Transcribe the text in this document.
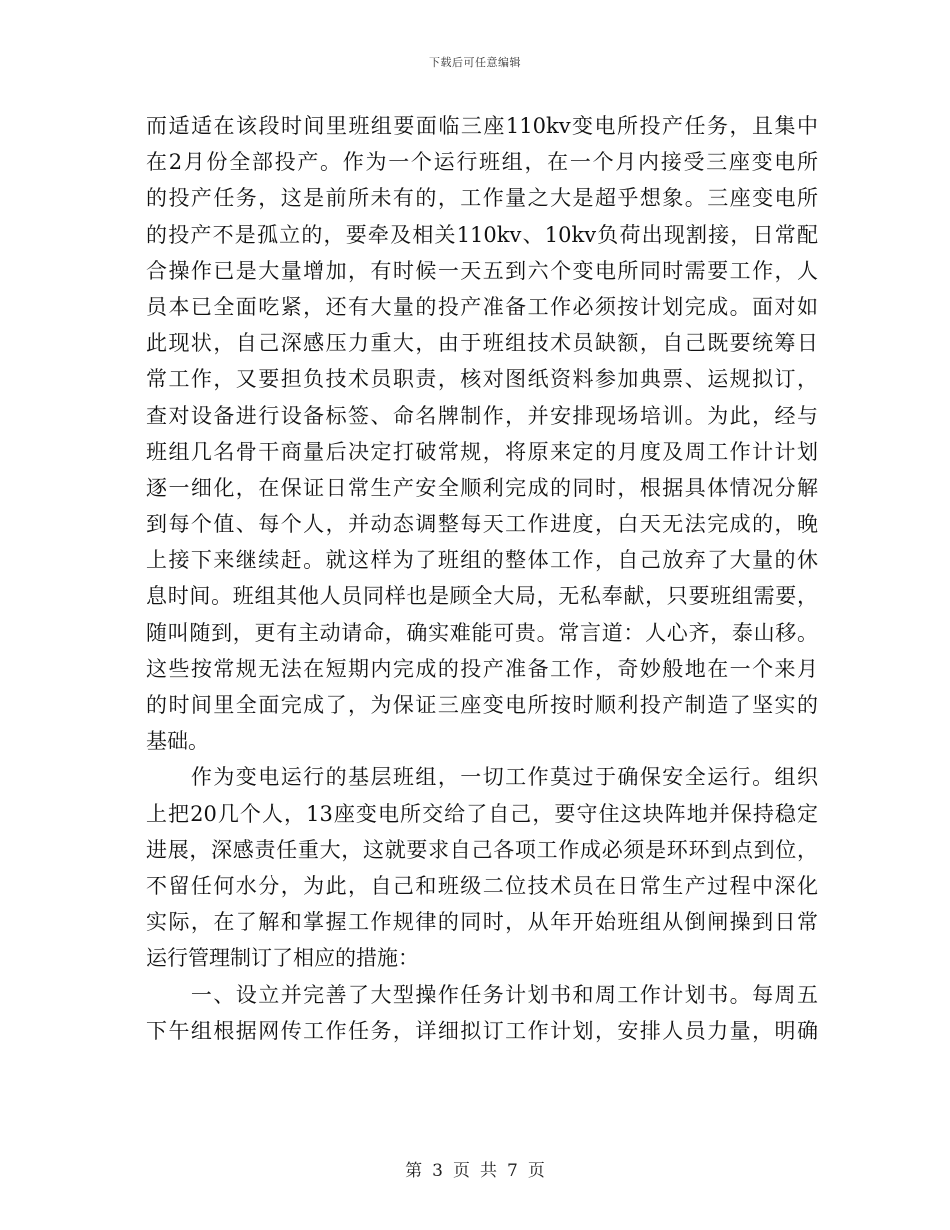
下载后可任意编辑
而适适在该段时间里班组要面临三座110kv变电所投产任务，且集中
在2月份全部投产。作为一个运行班组，在一个月内接受三座变电所
的投产任务，这是前所未有的，工作量之大是超乎想象。三座变电所
的投产不是孤立的，要牵及相关110kv、10kv负荷出现割接，日常配
合操作已是大量增加，有时候一天五到六个变电所同时需要工作，人
员本已全面吃紧，还有大量的投产准备工作必须按计划完成。面对如
此现状，自己深感压力重大，由于班组技术员缺额，自己既要统筹日
常工作，又要担负技术员职责，核对图纸资料参加典票、运规拟订，
查对设备进行设备标签、命名牌制作，并安排现场培训。为此，经与
班组几名骨干商量后决定打破常规，将原来定的月度及周工作计计划
逐一细化，在保证日常生产安全顺利完成的同时，根据具体情况分解
到每个值、每个人，并动态调整每天工作进度，白天无法完成的，晚
上接下来继续赶。就这样为了班组的整体工作，自己放弃了大量的休
息时间。班组其他人员同样也是顾全大局，无私奉献，只要班组需要，
随叫随到，更有主动请命，确实难能可贵。常言道：人心齐，泰山移。
这些按常规无法在短期内完成的投产准备工作，奇妙般地在一个来月
的时间里全面完成了，为保证三座变电所按时顺利投产制造了坚实的
基础。
　　作为变电运行的基层班组，一切工作莫过于确保安全运行。组织
上把20几个人，13座变电所交给了自己，要守住这块阵地并保持稳定
进展，深感责任重大，这就要求自己各项工作成必须是环环到点到位，
不留任何水分，为此，自己和班级二位技术员在日常生产过程中深化
实际，在了解和掌握工作规律的同时，从年开始班组从倒闸操到日常
运行管理制订了相应的措施：
　　一、设立并完善了大型操作任务计划书和周工作计划书。每周五
下午组根据网传工作任务，详细拟订工作计划，安排人员力量，明确
第 3 页 共 7 页
